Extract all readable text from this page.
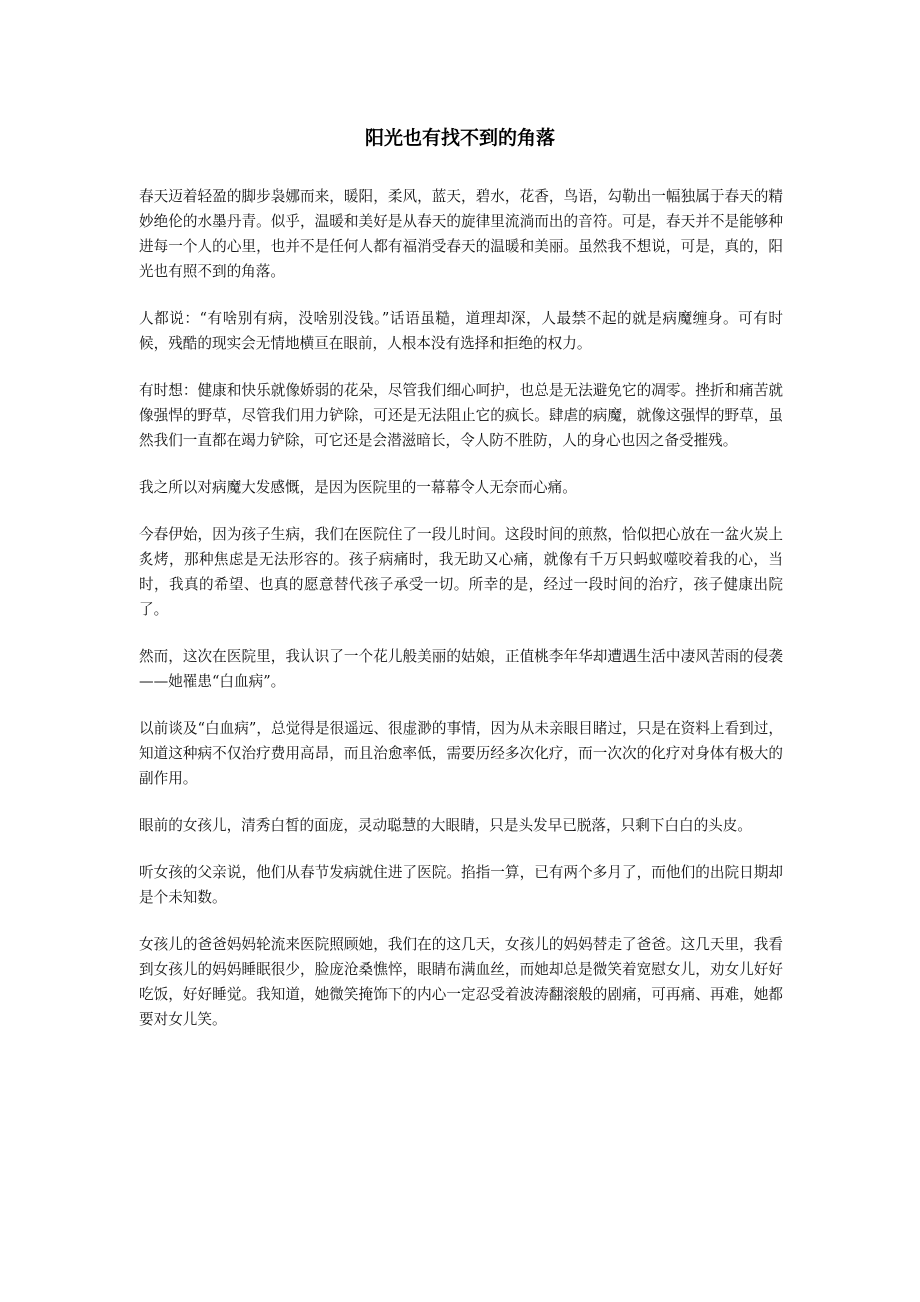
阳光也有找不到的角落

春天迈着轻盈的脚步袅娜而来，暖阳，柔风，蓝天，碧水，花香，鸟语，勾勒出一幅独属于春天的精妙绝伦的水墨丹青。似乎，温暖和美好是从春天的旋律里流淌而出的音符。可是，春天并不是能够种进每一个人的心里，也并不是任何人都有福消受春天的温暖和美丽。虽然我不想说，可是，真的，阳光也有照不到的角落。

人都说：“有啥别有病，没啥别没钱。”话语虽糙，道理却深，人最禁不起的就是病魔缠身。可有时候，残酷的现实会无情地横亘在眼前，人根本没有选择和拒绝的权力。

有时想：健康和快乐就像娇弱的花朵，尽管我们细心呵护，也总是无法避免它的凋零。挫折和痛苦就像强悍的野草，尽管我们用力铲除，可还是无法阻止它的疯长。肆虐的病魔，就像这强悍的野草，虽然我们一直都在竭力铲除，可它还是会潜滋暗长，令人防不胜防，人的身心也因之备受摧残。

我之所以对病魔大发感慨，是因为医院里的一幕幕令人无奈而心痛。

今春伊始，因为孩子生病，我们在医院住了一段儿时间。这段时间的煎熬，恰似把心放在一盆火炭上炙烤，那种焦虑是无法形容的。孩子病痛时，我无助又心痛，就像有千万只蚂蚁噬咬着我的心，当时，我真的希望、也真的愿意替代孩子承受一切。所幸的是，经过一段时间的治疗，孩子健康出院了。

然而，这次在医院里，我认识了一个花儿般美丽的姑娘，正值桃李年华却遭遇生活中凄风苦雨的侵袭——她罹患“白血病”。

以前谈及“白血病”，总觉得是很遥远、很虚渺的事情，因为从未亲眼目睹过，只是在资料上看到过，知道这种病不仅治疗费用高昂，而且治愈率低，需要历经多次化疗，而一次次的化疗对身体有极大的副作用。

眼前的女孩儿，清秀白皙的面庞，灵动聪慧的大眼睛，只是头发早已脱落，只剩下白白的头皮。

听女孩的父亲说，他们从春节发病就住进了医院。掐指一算，已有两个多月了，而他们的出院日期却是个未知数。

女孩儿的爸爸妈妈轮流来医院照顾她，我们在的这几天，女孩儿的妈妈替走了爸爸。这几天里，我看到女孩儿的妈妈睡眠很少，脸庞沧桑憔悴，眼睛布满血丝，而她却总是微笑着宽慰女儿，劝女儿好好吃饭，好好睡觉。我知道，她微笑掩饰下的内心一定忍受着波涛翻滚般的剧痛，可再痛、再难，她都要对女儿笑。
